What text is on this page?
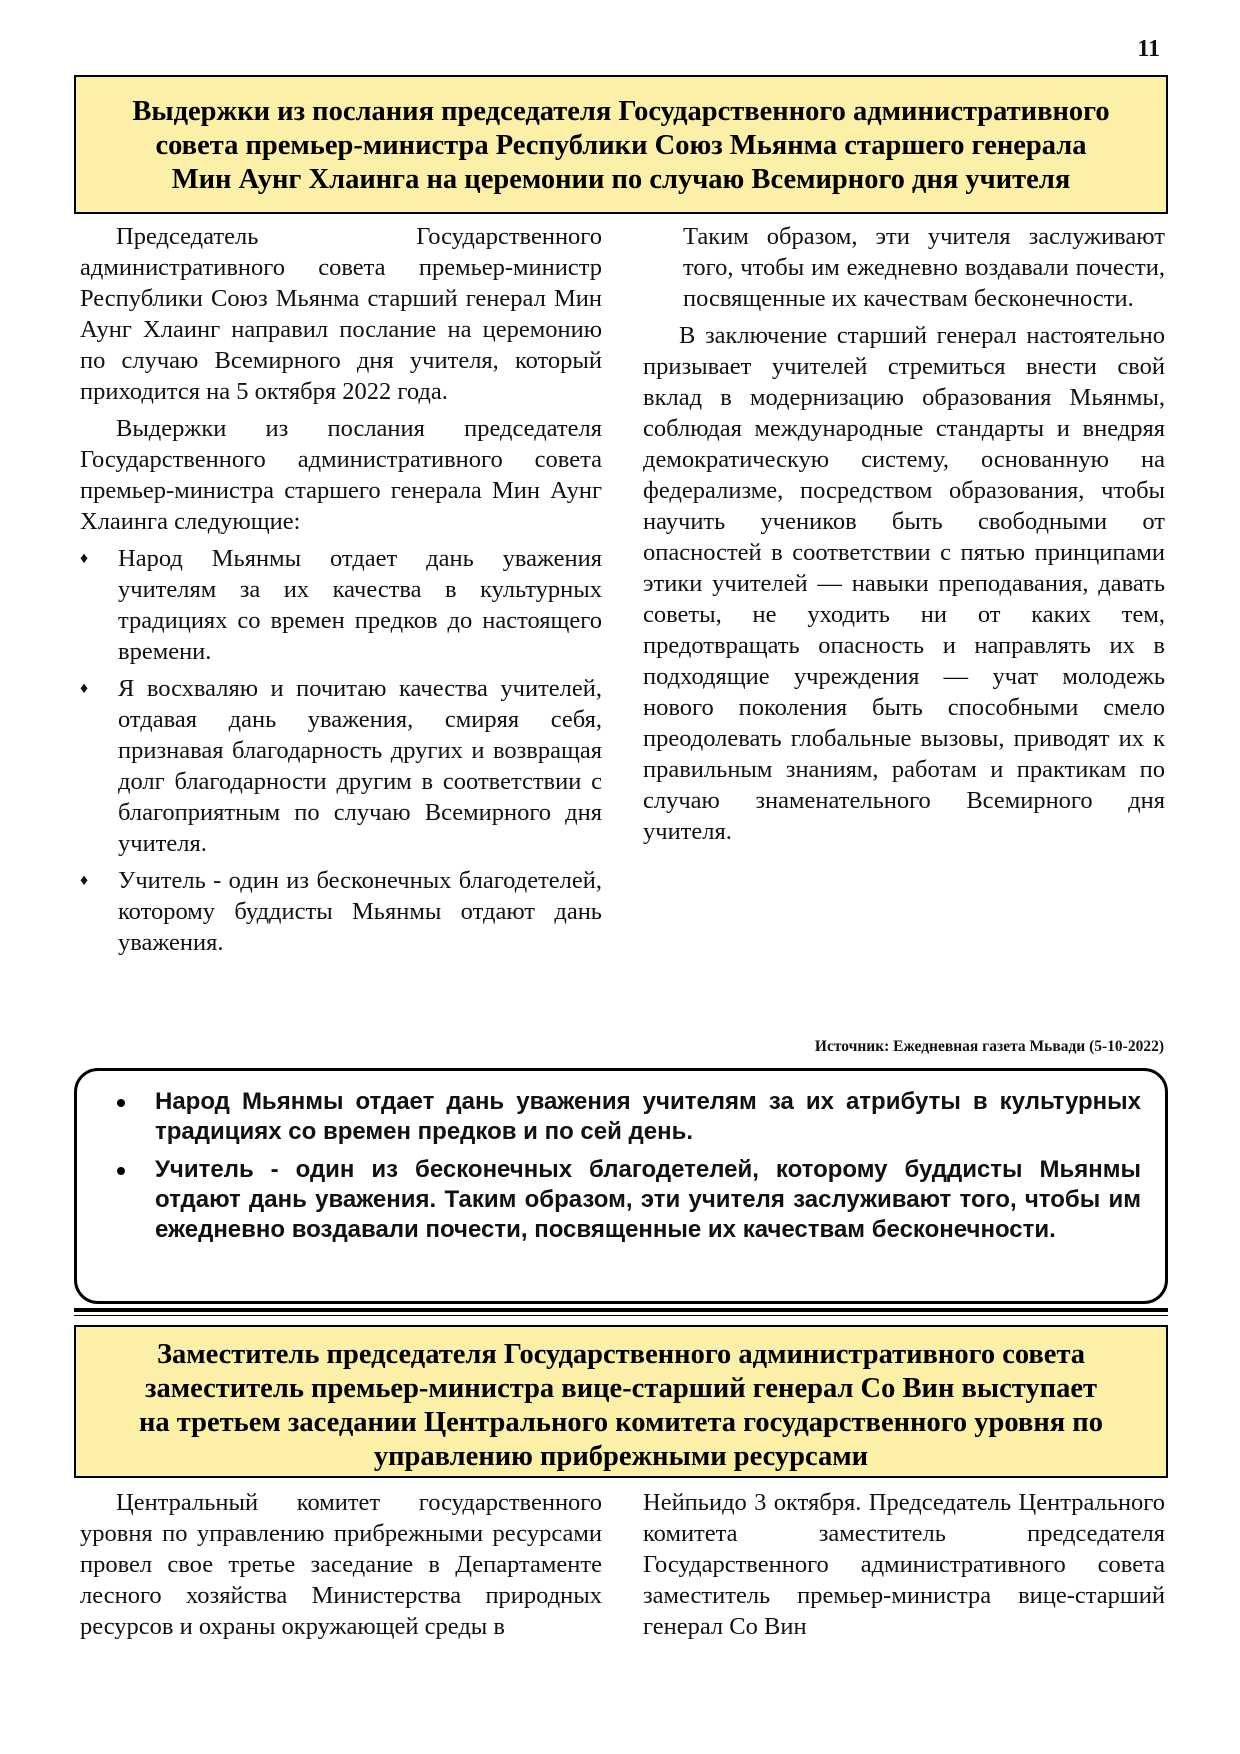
11
Выдержки из послания председателя Государственного административного
совета премьер-министра Республики Союз Мьянма старшего генерала
Мин Аунг Хлаинга на церемонии по случаю Всемирного дня учителя

Председатель Государственного административного совета премьер-министр Республики Союз Мьянма старший генерал Мин Аунг Хлаинг направил послание на церемонию по случаю Всемирного дня учителя, который приходится на 5 октября 2022 года.

Выдержки из послания председателя Государственного административного совета премьер-министра старшего генерала Мин Аунг Хлаинга следующие:

♦ Народ Мьянмы отдает дань уважения учителям за их качества в культурных традициях со времен предков до настоящего времени.
♦ Я восхваляю и почитаю качества учителей, отдавая дань уважения, смиряя себя, признавая благодарность других и возвращая долг благодарности другим в соответствии с благоприятным по случаю Всемирного дня учителя.
♦ Учитель - один из бесконечных благодетелей, которому буддисты Мьянмы отдают дань уважения.

Таким образом, эти учителя заслуживают того, чтобы им ежедневно воздавали почести, посвященные их качествам бесконечности.

В заключение старший генерал настоятельно призывает учителей стремиться внести свой вклад в модернизацию образования Мьянмы, соблюдая международные стандарты и внедряя демократическую систему, основанную на федерализме, посредством образования, чтобы научить учеников быть свободными от опасностей в соответствии с пятью принципами этики учителей — навыки преподавания, давать советы, не уходить ни от каких тем, предотвращать опасность и направлять их в подходящие учреждения — учат молодежь нового поколения быть способными смело преодолевать глобальные вызовы, приводят их к правильным знаниям, работам и практикам по случаю знаменательного Всемирного дня учителя.

Источник: Ежедневная газета Мьвади (5-10-2022)
Народ Мьянмы отдает дань уважения учителям за их атрибуты в культурных традициях со времен предков и по сей день.
Учитель - один из бесконечных благодетелей, которому буддисты Мьянмы отдают дань уважения. Таким образом, эти учителя заслуживают того, чтобы им ежедневно воздавали почести, посвященные их качествам бесконечности.
Заместитель председателя Государственного административного совета
заместитель премьер-министра вице-старший генерал Со Вин выступает
на третьем заседании Центрального комитета государственного уровня по
управлению прибрежными ресурсами

Центральный комитет государственного уровня по управлению прибрежными ресурсами провел свое третье заседание в Департаменте лесного хозяйства Министерства природных ресурсов и охраны окружающей среды в

Нейпьидо 3 октября. Председатель Центрального комитета заместитель председателя Государственного административного совета заместитель премьер-министра вице-старший генерал Со Вин
